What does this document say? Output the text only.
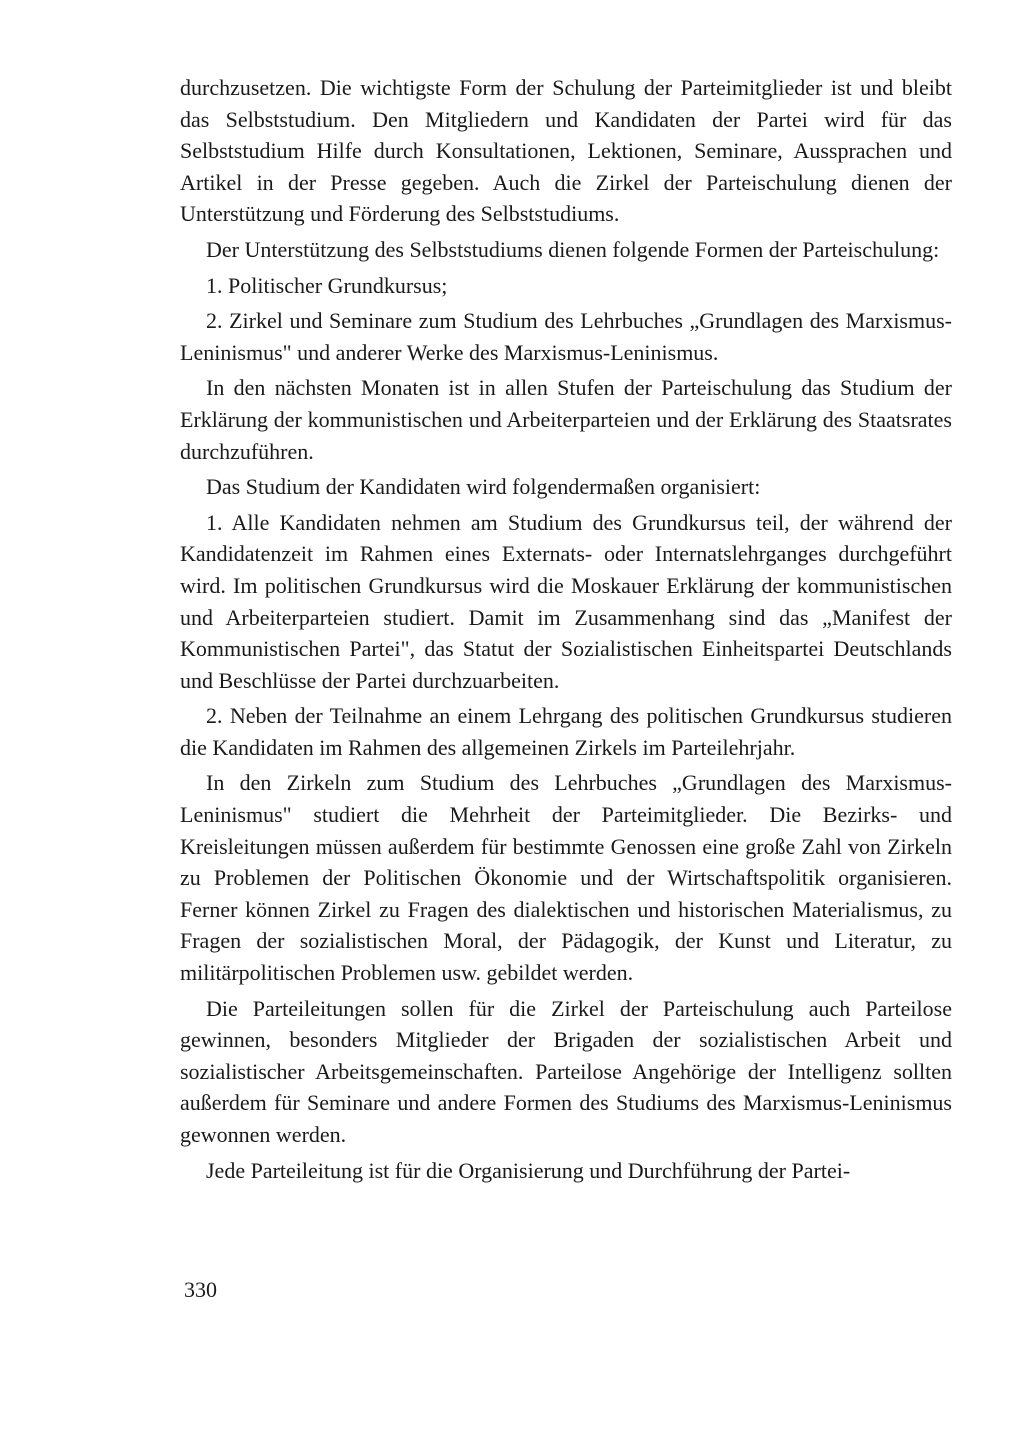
durchzusetzen. Die wichtigste Form der Schulung der Parteimitglieder ist und bleibt das Selbststudium. Den Mitgliedern und Kandidaten der Partei wird für das Selbststudium Hilfe durch Konsultationen, Lektionen, Seminare, Aussprachen und Artikel in der Presse gegeben. Auch die Zirkel der Parteischulung dienen der Unterstützung und Förderung des Selbststudiums.

Der Unterstützung des Selbststudiums dienen folgende Formen der Parteischulung:

1. Politischer Grundkursus;

2. Zirkel und Seminare zum Studium des Lehrbuches „Grundlagen des Marxismus-Leninismus" und anderer Werke des Marxismus-Leninismus.

In den nächsten Monaten ist in allen Stufen der Parteischulung das Studium der Erklärung der kommunistischen und Arbeiterparteien und der Erklärung des Staatsrates durchzuführen.

Das Studium der Kandidaten wird folgendermaßen organisiert:

1. Alle Kandidaten nehmen am Studium des Grundkursus teil, der während der Kandidatenzeit im Rahmen eines Externats- oder Internatslehrganges durchgeführt wird. Im politischen Grundkursus wird die Moskauer Erklärung der kommunistischen und Arbeiterparteien studiert. Damit im Zusammenhang sind das „Manifest der Kommunistischen Partei", das Statut der Sozialistischen Einheitspartei Deutschlands und Beschlüsse der Partei durchzuarbeiten.

2. Neben der Teilnahme an einem Lehrgang des politischen Grundkursus studieren die Kandidaten im Rahmen des allgemeinen Zirkels im Parteilehrjahr.

In den Zirkeln zum Studium des Lehrbuches „Grundlagen des Marxismus-Leninismus" studiert die Mehrheit der Parteimitglieder. Die Bezirks- und Kreisleitungen müssen außerdem für bestimmte Genossen eine große Zahl von Zirkeln zu Problemen der Politischen Ökonomie und der Wirtschaftspolitik organisieren. Ferner können Zirkel zu Fragen des dialektischen und historischen Materialismus, zu Fragen der sozialistischen Moral, der Pädagogik, der Kunst und Literatur, zu militärpolitischen Problemen usw. gebildet werden.

Die Parteileitungen sollen für die Zirkel der Parteischulung auch Parteilose gewinnen, besonders Mitglieder der Brigaden der sozialistischen Arbeit und sozialistischer Arbeitsgemeinschaften. Parteilose Angehörige der Intelligenz sollten außerdem für Seminare und andere Formen des Studiums des Marxismus-Leninismus gewonnen werden.

Jede Parteileitung ist für die Organisierung und Durchführung der Partei-

330
